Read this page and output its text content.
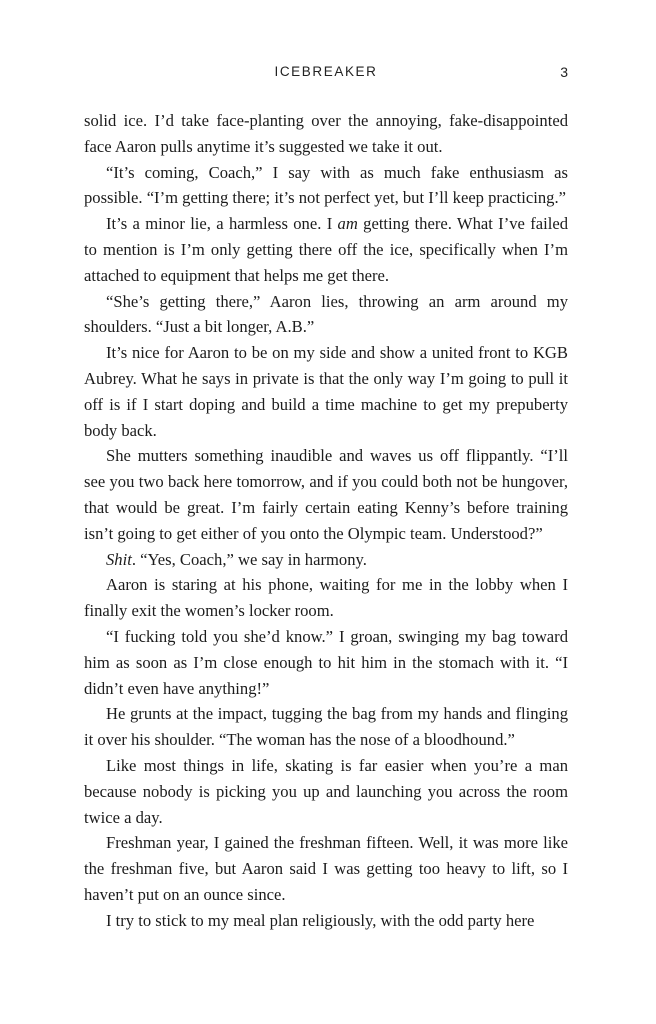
ICEBREAKER	3

solid ice. I’d take face-planting over the annoying, fake-disappointed face Aaron pulls anytime it’s suggested we take it out.

“It’s coming, Coach,” I say with as much fake enthusiasm as possible. “I’m getting there; it’s not perfect yet, but I’ll keep practicing.”

It’s a minor lie, a harmless one. I am getting there. What I’ve failed to mention is I’m only getting there off the ice, specifically when I’m attached to equipment that helps me get there.

“She’s getting there,” Aaron lies, throwing an arm around my shoulders. “Just a bit longer, A.B.”

It’s nice for Aaron to be on my side and show a united front to KGB Aubrey. What he says in private is that the only way I’m going to pull it off is if I start doping and build a time machine to get my prepuberty body back.

She mutters something inaudible and waves us off flippantly. “I’ll see you two back here tomorrow, and if you could both not be hungover, that would be great. I’m fairly certain eating Kenny’s before training isn’t going to get either of you onto the Olympic team. Understood?”

Shit. “Yes, Coach,” we say in harmony.

Aaron is staring at his phone, waiting for me in the lobby when I finally exit the women’s locker room.

“I fucking told you she’d know.” I groan, swinging my bag toward him as soon as I’m close enough to hit him in the stomach with it. “I didn’t even have anything!”

He grunts at the impact, tugging the bag from my hands and flinging it over his shoulder. “The woman has the nose of a bloodhound.”

Like most things in life, skating is far easier when you’re a man because nobody is picking you up and launching you across the room twice a day.

Freshman year, I gained the freshman fifteen. Well, it was more like the freshman five, but Aaron said I was getting too heavy to lift, so I haven’t put on an ounce since.

I try to stick to my meal plan religiously, with the odd party here
